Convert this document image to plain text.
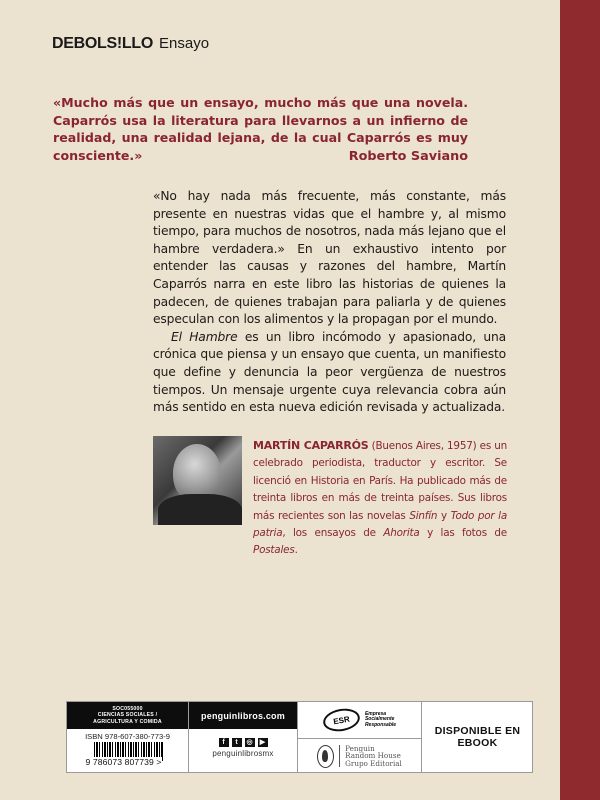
DEBOLS!LLO Ensayo
«Mucho más que un ensayo, mucho más que una novela. Caparrós usa la literatura para llevarnos a un infierno de realidad, una realidad lejana, de la cual Caparrós es muy consciente.»	Roberto Saviano

«No hay nada más frecuente, más constante, más presente en nuestras vidas que el hambre y, al mismo tiempo, para muchos de nosotros, nada más lejano que el hambre verdadera.» En un exhaustivo intento por entender las causas y razones del hambre, Martín Caparrós narra en este libro las historias de quienes la padecen, de quienes trabajan para paliarla y de quienes especulan con los alimentos y la propagan por el mundo.

El Hambre es un libro incómodo y apasionado, una crónica que piensa y un ensayo que cuenta, un manifiesto que define y denuncia la peor vergüenza de nuestros tiempos. Un mensaje urgente cuya relevancia cobra aún más sentido en esta nueva edición revisada y actualizada.

MARTÍN CAPARRÓS (Buenos Aires, 1957) es un celebrado periodista, traductor y escritor. Se licenció en Historia en París. Ha publicado más de treinta libros en más de treinta países. Sus libros más recientes son las novelas Sinfín y Todo por la patria, los ensayos de Ahorita y las fotos de Postales.
SOC055000
CIENCIAS SOCIALES /
AGRICULTURA Y COMIDA
ISBN 978-607-380-773-9
9 786073 807739 >
penguinlibros.com
f	t	◎	▶
penguinlibrosmx
ESR
Empresa
Socialmente
Responsable
Penguin
Random House
Grupo Editorial
DISPONIBLE EN
EBOOK
